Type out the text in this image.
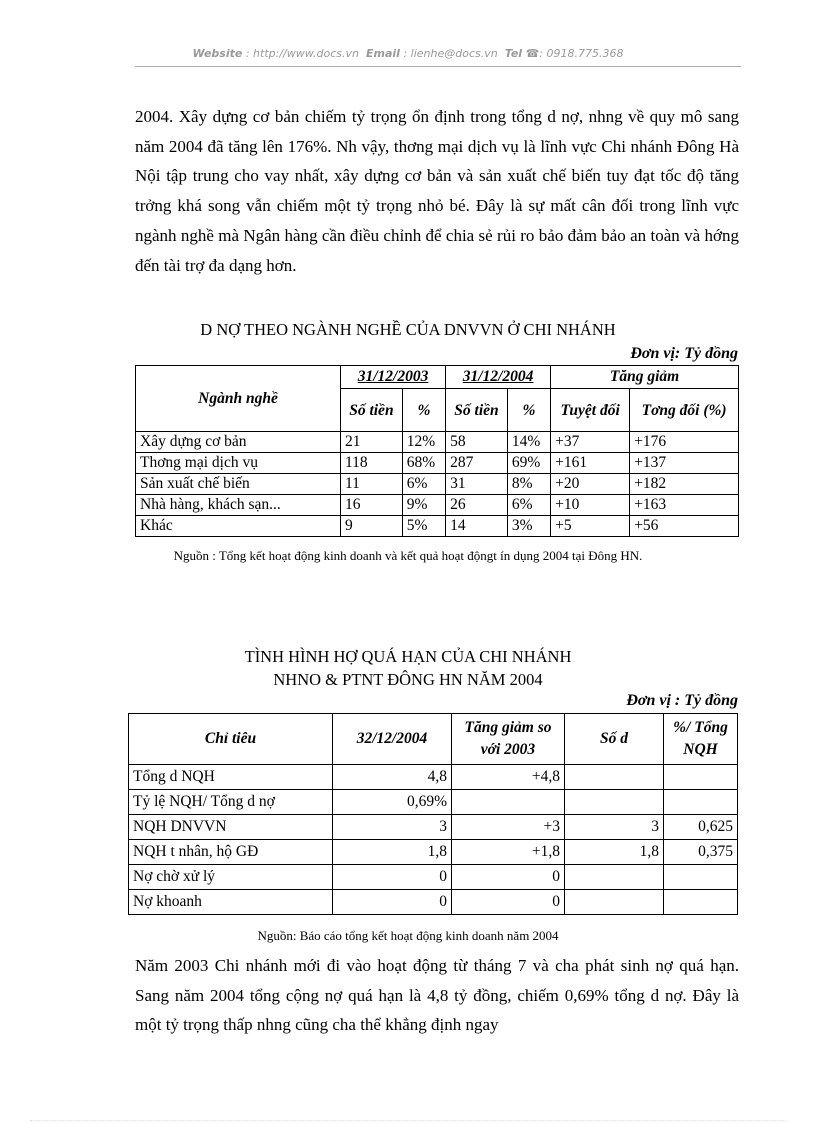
Website : http://www.docs.vn Email : lienhe@docs.vn Tel ☎: 0918.775.368

2004. Xây dựng cơ bản chiếm tỷ trọng ổn định trong tổng d nợ, nhng về quy mô sang năm 2004 đã tăng lên 176%. Nh vậy, thơng mại dịch vụ là lĩnh vực Chi nhánh Đông Hà Nội tập trung cho vay nhất, xây dựng cơ bản và sản xuất chế biến tuy đạt tốc độ tăng trởng khá song vẫn chiếm một tỷ trọng nhỏ bé. Đây là sự mất cân đối trong lĩnh vực ngành nghề mà Ngân hàng cần điều chỉnh để chia sẻ rủi ro bảo đảm bảo an toàn và hớng đến tài trợ đa dạng hơn.

D NỢ THEO NGÀNH NGHỀ CỦA DNVVN Ở CHI NHÁNH

Đơn vị: Tỷ đồng
Ngành nghề	31/12/2003		31/12/2004		Tăng giảm	
	Số tiền	%	Số tiền	%	Tuyệt đối	Tơng đối (%)
Xây dựng cơ bản	21	12%	58	14%	+37	+176
Thơng mại dịch vụ	118	68%	287	69%	+161	+137
Sản xuất chế biến	11	6%	31	8%	+20	+182
Nhà hàng, khách sạn...	16	9%	26	6%	+10	+163
Khác	9	5%	14	3%	+5	+56

Nguồn : Tổng kết hoạt động kinh doanh và kết quả hoạt độngt ín dụng 2004 tại Đông HN.

TÌNH HÌNH HỢ QUÁ HẠN CỦA CHI NHÁNH

NHNO & PTNT ĐÔNG HN NĂM 2004

Đơn vị : Tỷ đồng
Chỉ tiêu	32/12/2004	Tăng giảm so với 2003	Số d	%/ Tổng NQH
Tổng d NQH	4,8	+4,8		
Tỷ lệ NQH/ Tổng d nợ	0,69%			
NQH DNVVN	3	+3	3	0,625
NQH t nhân, hộ GĐ	1,8	+1,8	1,8	0,375
Nợ chờ xử lý	0	0		
Nợ khoanh	0	0		

Nguồn: Báo cáo tổng kết hoạt động kinh doanh năm 2004

Năm 2003 Chi nhánh mới đi vào hoạt động từ tháng 7 và cha phát sinh nợ quá hạn. Sang năm 2004 tổng cộng nợ quá hạn là 4,8 tỷ đồng, chiếm 0,69% tổng d nợ. Đây là một tỷ trọng thấp nhng cũng cha thể khẳng định ngay
